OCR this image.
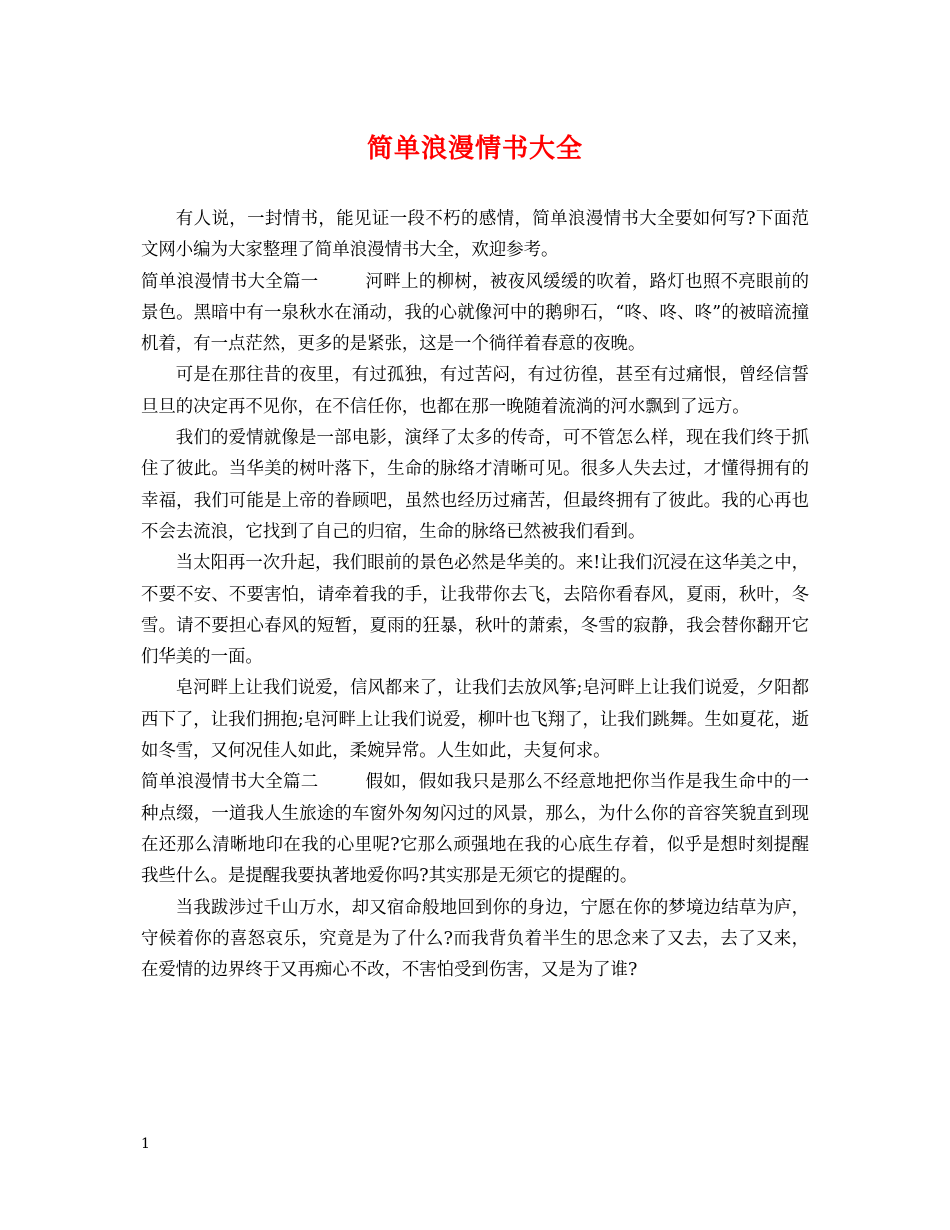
简单浪漫情书大全

有人说，一封情书，能见证一段不朽的感情，简单浪漫情书大全要如何写?下面范文网小编为大家整理了简单浪漫情书大全，欢迎参考。

简单浪漫情书大全篇一	河畔上的柳树，被夜风缓缓的吹着，路灯也照不亮眼前的景色。黑暗中有一泉秋水在涌动，我的心就像河中的鹅卵石，“咚、咚、咚”的被暗流撞机着，有一点茫然，更多的是紧张，这是一个徜徉着春意的夜晚。

可是在那往昔的夜里，有过孤独，有过苦闷，有过彷徨，甚至有过痛恨，曾经信誓旦旦的决定再不见你，在不信任你，也都在那一晚随着流淌的河水飘到了远方。

我们的爱情就像是一部电影，演绎了太多的传奇，可不管怎么样，现在我们终于抓住了彼此。当华美的树叶落下，生命的脉络才清晰可见。很多人失去过，才懂得拥有的幸福，我们可能是上帝的眷顾吧，虽然也经历过痛苦，但最终拥有了彼此。我的心再也不会去流浪，它找到了自己的归宿，生命的脉络已然被我们看到。

当太阳再一次升起，我们眼前的景色必然是华美的。来!让我们沉浸在这华美之中，不要不安、不要害怕，请牵着我的手，让我带你去飞，去陪你看春风，夏雨，秋叶，冬雪。请不要担心春风的短暂，夏雨的狂暴，秋叶的萧索，冬雪的寂静，我会替你翻开它们华美的一面。

皂河畔上让我们说爱，信风都来了，让我们去放风筝;皂河畔上让我们说爱，夕阳都西下了，让我们拥抱;皂河畔上让我们说爱，柳叶也飞翔了，让我们跳舞。生如夏花，逝如冬雪，又何况佳人如此，柔婉异常。人生如此，夫复何求。

简单浪漫情书大全篇二	假如，假如我只是那么不经意地把你当作是我生命中的一种点缀，一道我人生旅途的车窗外匆匆闪过的风景，那么，为什么你的音容笑貌直到现在还那么清晰地印在我的心里呢?它那么顽强地在我的心底生存着，似乎是想时刻提醒我些什么。是提醒我要执著地爱你吗?其实那是无须它的提醒的。

当我跋涉过千山万水，却又宿命般地回到你的身边，宁愿在你的梦境边结草为庐，守候着你的喜怒哀乐，究竟是为了什么?而我背负着半生的思念来了又去，去了又来，在爱情的边界终于又再痴心不改，不害怕受到伤害，又是为了谁?

1
